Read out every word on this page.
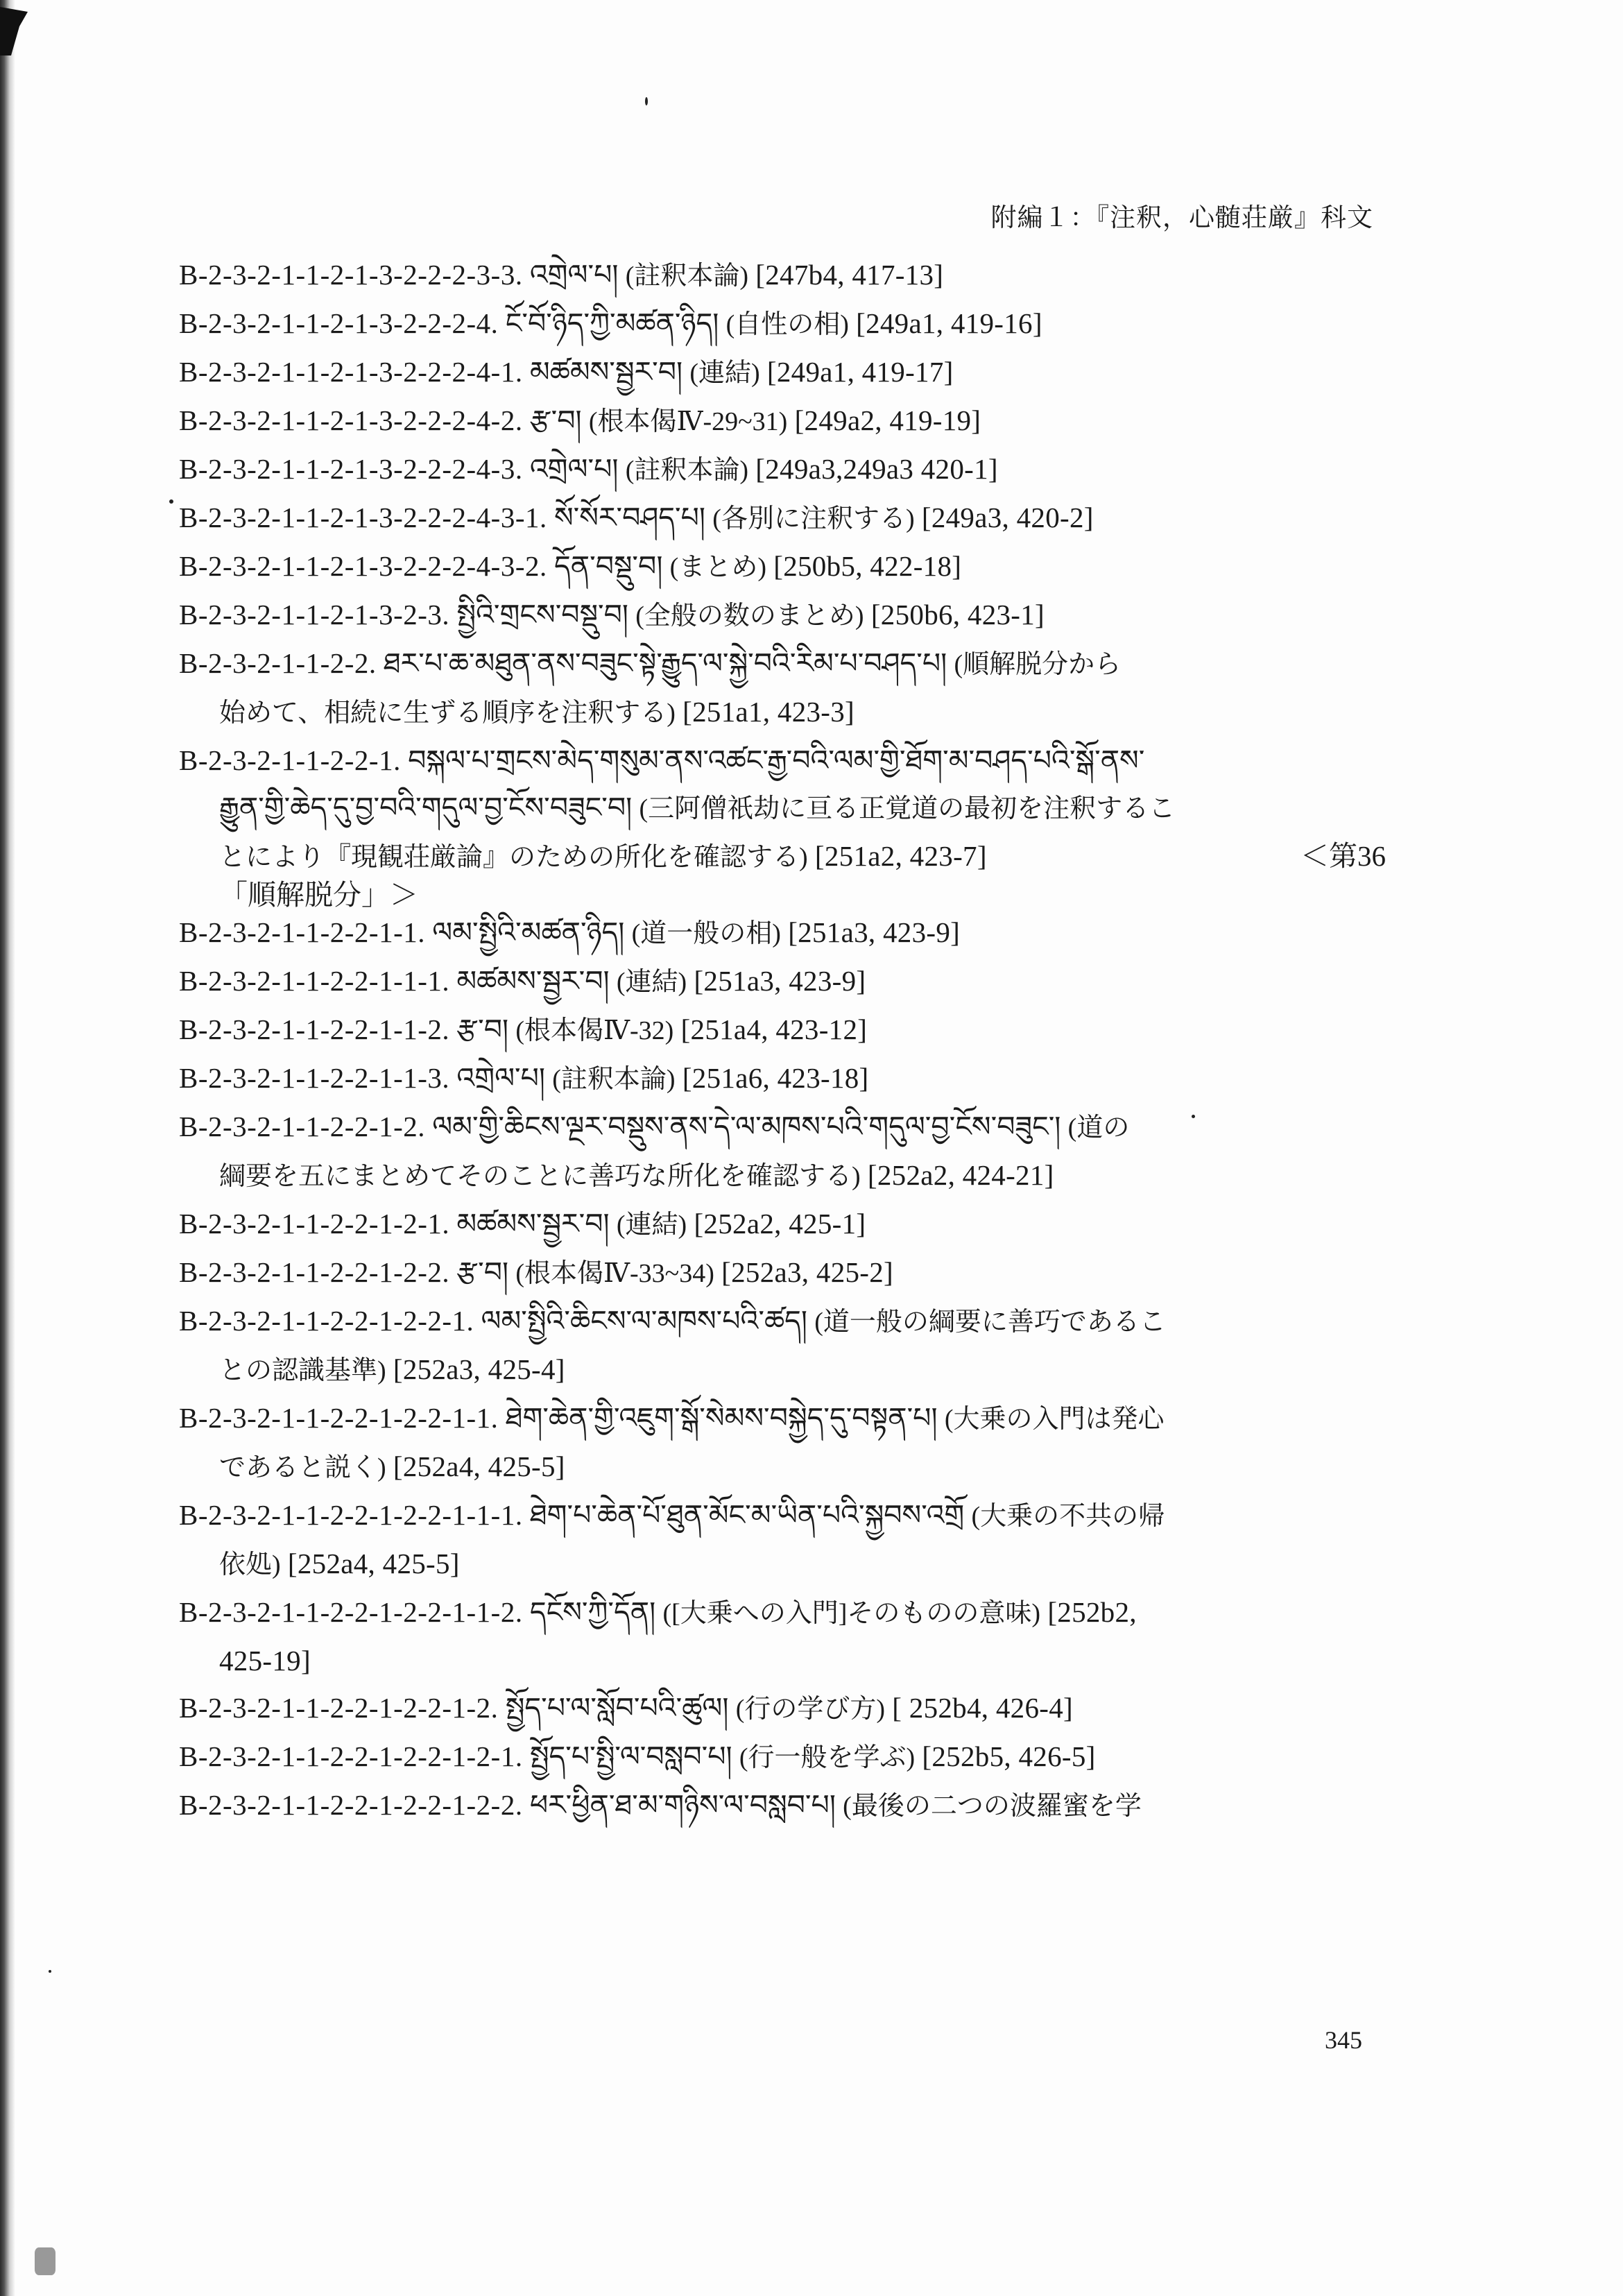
附編１：『注釈，心髄荘厳』科文

B-2-3-2-1-1-2-1-3-2-2-2-3-3. འགྲེལ་པ། (註釈本論) [247b4, 417-13]

B-2-3-2-1-1-2-1-3-2-2-2-4. ངོ་བོ་ཉིད་ཀྱི་མཚན་ཉིད། (自性の相) [249a1, 419-16]

B-2-3-2-1-1-2-1-3-2-2-2-4-1. མཚམས་སྦྱར་བ། (連結) [249a1, 419-17]

B-2-3-2-1-1-2-1-3-2-2-2-4-2. རྩ་བ། (根本偈Ⅳ-29~31) [249a2, 419-19]

B-2-3-2-1-1-2-1-3-2-2-2-4-3. འགྲེལ་པ། (註釈本論) [249a3,249a3 420-1]

B-2-3-2-1-1-2-1-3-2-2-2-4-3-1. སོ་སོར་བཤད་པ། (各別に注釈する) [249a3, 420-2]

B-2-3-2-1-1-2-1-3-2-2-2-4-3-2. དོན་བསྡུ་བ། (まとめ) [250b5, 422-18]

B-2-3-2-1-1-2-1-3-2-3. སྤྱིའི་གྲངས་བསྡུ་བ། (全般の数のまとめ) [250b6, 423-1]

B-2-3-2-1-1-2-2. ཐར་པ་ཆ་མཐུན་ནས་བཟུང་སྟེ་རྒྱུད་ལ་སྐྱེ་བའི་རིམ་པ་བཤད་པ། (順解脱分から
始めて、相続に生ずる順序を注釈する) [251a1, 423-3]

B-2-3-2-1-1-2-2-1. བསྐལ་པ་གྲངས་མེད་གསུམ་ནས་འཚང་རྒྱ་བའི་ལམ་གྱི་ཐོག་མ་བཤད་པའི་སྒོ་ནས་
རྒྱུན་གྱི་ཆེད་དུ་བྱ་བའི་གདུལ་བྱ་ངོས་བཟུང་བ། (三阿僧祇劫に亘る正覚道の最初を注釈するこ
とにより『現観荘厳論』のための所化を確認する) [251a2, 423-7]	＜第36
「順解脱分」＞

B-2-3-2-1-1-2-2-1-1. ལམ་སྤྱིའི་མཚན་ཉིད། (道一般の相) [251a3, 423-9]

B-2-3-2-1-1-2-2-1-1-1. མཚམས་སྦྱར་བ། (連結) [251a3, 423-9]

B-2-3-2-1-1-2-2-1-1-2. རྩ་བ། (根本偈Ⅳ-32) [251a4, 423-12]

B-2-3-2-1-1-2-2-1-1-3. འགྲེལ་པ། (註釈本論) [251a6, 423-18]

B-2-3-2-1-1-2-2-1-2. ལམ་གྱི་ཆིངས་ལྔར་བསྡུས་ནས་དེ་ལ་མཁས་པའི་གདུལ་བྱ་ངོས་བཟུང་། (道の
綱要を五にまとめてそのことに善巧な所化を確認する) [252a2, 424-21]

B-2-3-2-1-1-2-2-1-2-1. མཚམས་སྦྱར་བ། (連結) [252a2, 425-1]

B-2-3-2-1-1-2-2-1-2-2. རྩ་བ། (根本偈Ⅳ-33~34) [252a3, 425-2]

B-2-3-2-1-1-2-2-1-2-2-1. ལམ་སྤྱིའི་ཆིངས་ལ་མཁས་པའི་ཚད། (道一般の綱要に善巧であるこ
との認識基準) [252a3, 425-4]

B-2-3-2-1-1-2-2-1-2-2-1-1. ཐེག་ཆེན་གྱི་འཇུག་སྒོ་སེམས་བསྐྱེད་དུ་བསྟན་པ། (大乗の入門は発心
であると説く) [252a4, 425-5]

B-2-3-2-1-1-2-2-1-2-2-1-1-1. ཐེག་པ་ཆེན་པོ་ཐུན་མོང་མ་ཡིན་པའི་སྐྱབས་འགྲོ (大乗の不共の帰
依処) [252a4, 425-5]

B-2-3-2-1-1-2-2-1-2-2-1-1-2. དངོས་ཀྱི་དོན། ([大乗への入門]そのものの意味) [252b2,
425-19]

B-2-3-2-1-1-2-2-1-2-2-1-2. སྤྱོད་པ་ལ་སློབ་པའི་ཚུལ། (行の学び方) [ 252b4, 426-4]

B-2-3-2-1-1-2-2-1-2-2-1-2-1. སྤྱོད་པ་སྤྱི་ལ་བསླབ་པ། (行一般を学ぶ) [252b5, 426-5]

B-2-3-2-1-1-2-2-1-2-2-1-2-2. ཕར་ཕྱིན་ཐ་མ་གཉིས་ལ་བསླབ་པ། (最後の二つの波羅蜜を学

345
